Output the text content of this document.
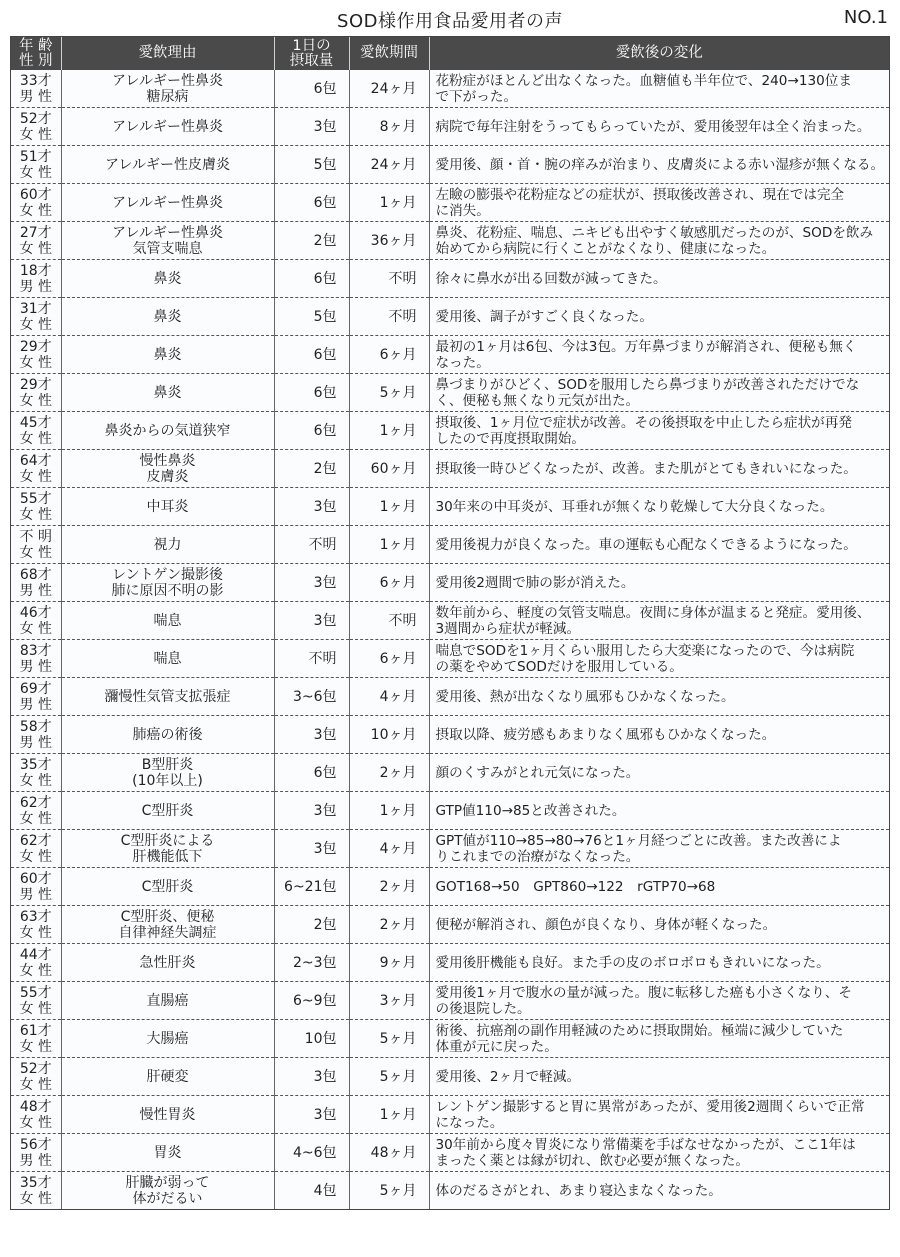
SOD様作用食品愛用者の声	NO.1
年 齢
性 別	愛飲理由	1日の
摂取量	愛飲期間	愛飲後の変化

33才
男 性	アレルギー性鼻炎
糖尿病	6包	24ヶ月	花粉症がほとんど出なくなった。血糖値も半年位で、240→130位ま
で下がった。

52才
女 性	アレルギー性鼻炎	3包	8ヶ月	病院で毎年注射をうってもらっていたが、愛用後翌年は全く治まった。

51才
女 性	アレルギー性皮膚炎	5包	24ヶ月	愛用後、顔・首・腕の痒みが治まり、皮膚炎による赤い湿疹が無くなる。

60才
女 性	アレルギー性鼻炎	6包	1ヶ月	左瞼の膨張や花粉症などの症状が、摂取後改善され、現在では完全
に消失。

27才
女 性	アレルギー性鼻炎
気管支喘息	2包	36ヶ月	鼻炎、花粉症、喘息、ニキビも出やすく敏感肌だったのが、SODを飲み
始めてから病院に行くことがなくなり、健康になった。

18才
男 性	鼻炎	6包	不明	徐々に鼻水が出る回数が減ってきた。

31才
女 性	鼻炎	5包	不明	愛用後、調子がすごく良くなった。

29才
女 性	鼻炎	6包	6ヶ月	最初の1ヶ月は6包、今は3包。万年鼻づまりが解消され、便秘も無く
なった。

29才
女 性	鼻炎	6包	5ヶ月	鼻づまりがひどく、SODを服用したら鼻づまりが改善されただけでな
く、便秘も無くなり元気が出た。

45才
女 性	鼻炎からの気道狭窄	6包	1ヶ月	摂取後、1ヶ月位で症状が改善。その後摂取を中止したら症状が再発
したので再度摂取開始。

64才
女 性	慢性鼻炎
皮膚炎	2包	60ヶ月	摂取後一時ひどくなったが、改善。また肌がとてもきれいになった。

55才
女 性	中耳炎	3包	1ヶ月	30年来の中耳炎が、耳垂れが無くなり乾燥して大分良くなった。

不 明
女 性	視力	不明	1ヶ月	愛用後視力が良くなった。車の運転も心配なくできるようになった。

68才
男 性	レントゲン撮影後
肺に原因不明の影	3包	6ヶ月	愛用後2週間で肺の影が消えた。

46才
女 性	喘息	3包	不明	数年前から、軽度の気管支喘息。夜間に身体が温まると発症。愛用後、
3週間から症状が軽減。

83才
男 性	喘息	不明	6ヶ月	喘息でSODを1ヶ月くらい服用したら大変楽になったので、今は病院
の薬をやめてSODだけを服用している。

69才
男 性	瀰慢性気管支拡張症	3~6包	4ヶ月	愛用後、熱が出なくなり風邪もひかなくなった。

58才
男 性	肺癌の術後	3包	10ヶ月	摂取以降、疲労感もあまりなく風邪もひかなくなった。

35才
女 性	B型肝炎
(10年以上)	6包	2ヶ月	顔のくすみがとれ元気になった。

62才
女 性	C型肝炎	3包	1ヶ月	GTP値110→85と改善された。

62才
女 性	C型肝炎による
肝機能低下	3包	4ヶ月	GPT値が110→85→80→76と1ヶ月経つごとに改善。また改善によ
りこれまでの治療がなくなった。

60才
男 性	C型肝炎	6~21包	2ヶ月	GOT168→50　GPT860→122　rGTP70→68

63才
女 性	C型肝炎、便秘
自律神経失調症	2包	2ヶ月	便秘が解消され、顔色が良くなり、身体が軽くなった。

44才
女 性	急性肝炎	2~3包	9ヶ月	愛用後肝機能も良好。また手の皮のボロボロもきれいになった。

55才
女 性	直腸癌	6~9包	3ヶ月	愛用後1ヶ月で腹水の量が減った。腹に転移した癌も小さくなり、そ
の後退院した。

61才
女 性	大腸癌	10包	5ヶ月	術後、抗癌剤の副作用軽減のために摂取開始。極端に減少していた
体重が元に戻った。

52才
女 性	肝硬変	3包	5ヶ月	愛用後、2ヶ月で軽減。

48才
女 性	慢性胃炎	3包	1ヶ月	レントゲン撮影すると胃に異常があったが、愛用後2週間くらいで正常
になった。

56才
男 性	胃炎	4~6包	48ヶ月	30年前から度々胃炎になり常備薬を手ばなせなかったが、ここ1年は
まったく薬とは縁が切れ、飲む必要が無くなった。

35才
女 性	肝臓が弱って
体がだるい	4包	5ヶ月	体のだるさがとれ、あまり寝込まなくなった。
